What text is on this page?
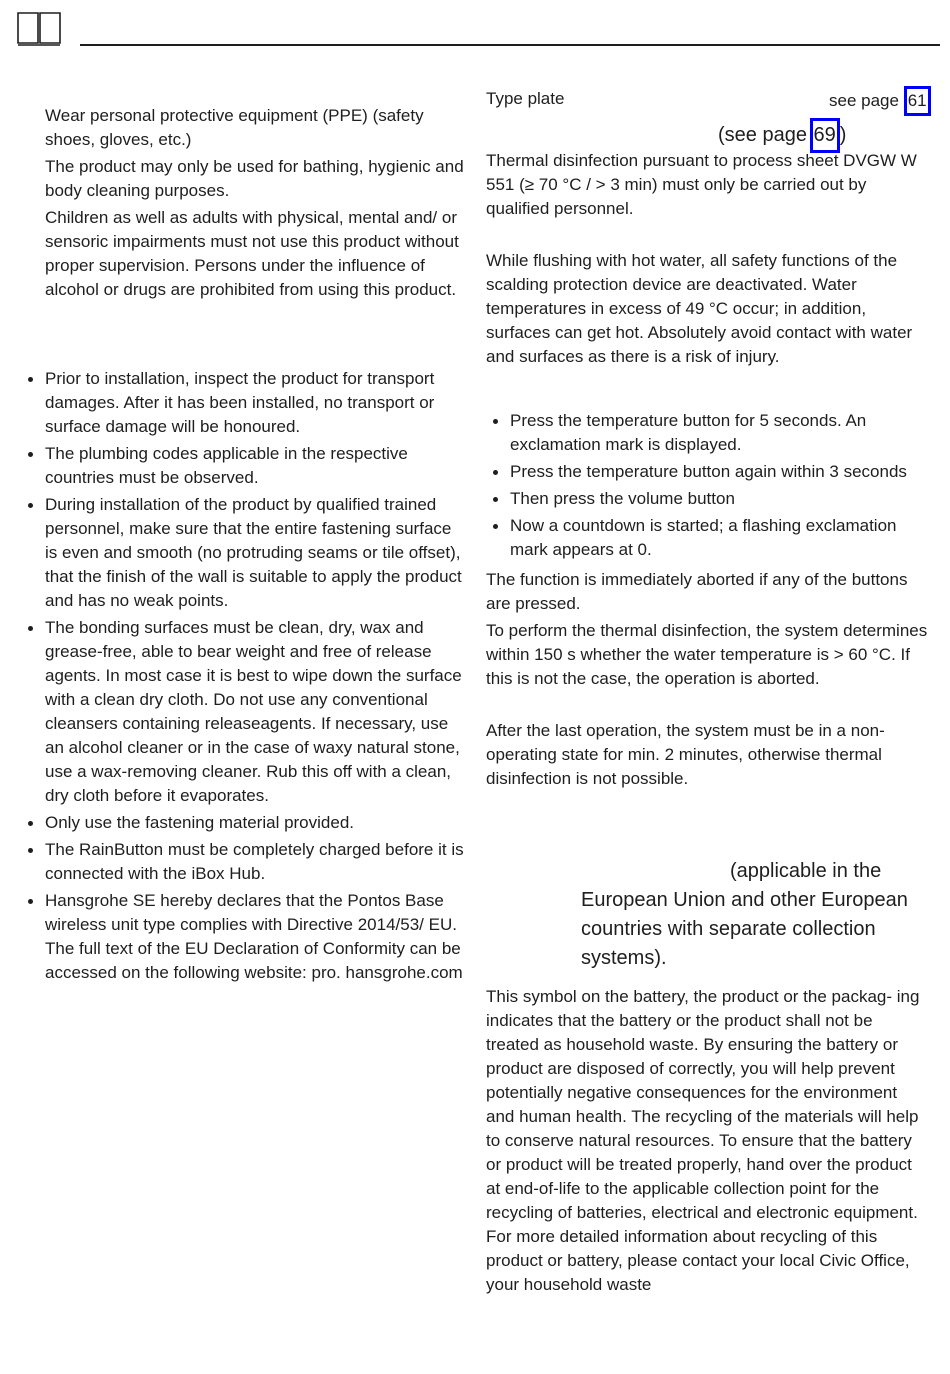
Wear personal protective equipment (PPE) (safety shoes, gloves, etc.)

The product may only be used for bathing, hygienic and body cleaning purposes.

Children as well as adults with physical, mental and/ or sensoric impairments must not use this product without proper supervision. Persons under the influence of alcohol or drugs are prohibited from using this product.

Prior to installation, inspect the product for transport damages. After it has been installed, no transport or surface damage will be honoured.
The plumbing codes applicable in the respective countries must be observed.
During installation of the product by qualified trained personnel, make sure that the entire fastening surface is even and smooth (no protruding seams or tile offset), that the finish of the wall is suitable to apply the product and has no weak points.
The bonding surfaces must be clean, dry, wax and grease-free, able to bear weight and free of release agents. In most case it is best to wipe down the surface with a clean dry cloth. Do not use any conventional cleansers containing releaseagents. If necessary, use an alcohol cleaner or in the case of waxy natural stone, use a wax-removing cleaner. Rub this off with a clean, dry cloth before it evaporates.
Only use the fastening material provided.
The RainButton must be completely charged before it is connected with the iBox Hub.
Hansgrohe SE hereby declares that the Pontos Base wireless unit type complies with Directive 2014/53/ EU. The full text of the EU Declaration of Conformity can be accessed on the following website: pro. hansgrohe.com
Type plate	see page 61
(see page 69 )
Thermal disinfection pursuant to process sheet DVGW W 551 (≥ 70 °C / > 3 min) must only be carried out by qualified personnel.
While flushing with hot water, all safety functions of the scalding protection device are deactivated. Water temperatures in excess of 49 °C occur; in addition, surfaces can get hot. Absolutely avoid contact with water and surfaces as there is a risk of injury.
Press the temperature button for 5 seconds. An exclamation mark is displayed.
Press the temperature button again within 3 seconds
Then press the volume button
Now a countdown is started; a flashing exclamation mark appears at 0.
The function is immediately aborted if any of the buttons are pressed.
To perform the thermal disinfection, the system determines within 150 s whether the water temperature is > 60 °C. If this is not the case, the operation is aborted.
After the last operation, the system must be in a non-operating state for min. 2 minutes, otherwise thermal disinfection is not possible.
(applicable in the
European Union and other European
countries with separate collection
systems).
This symbol on the battery, the product or the packag- ing indicates that the battery or the product shall not be treated as household waste. By ensuring the battery or product are disposed of correctly, you will help prevent potentially negative consequences for the environment and human health. The recycling of the materials will help to conserve natural resources. To ensure that the battery or product will be treated properly, hand over the product at end-of-life to the applicable collection point for the recycling of batteries, electrical and electronic equipment. For more detailed information about recycling of this product or battery, please contact your local Civic Office, your household waste
